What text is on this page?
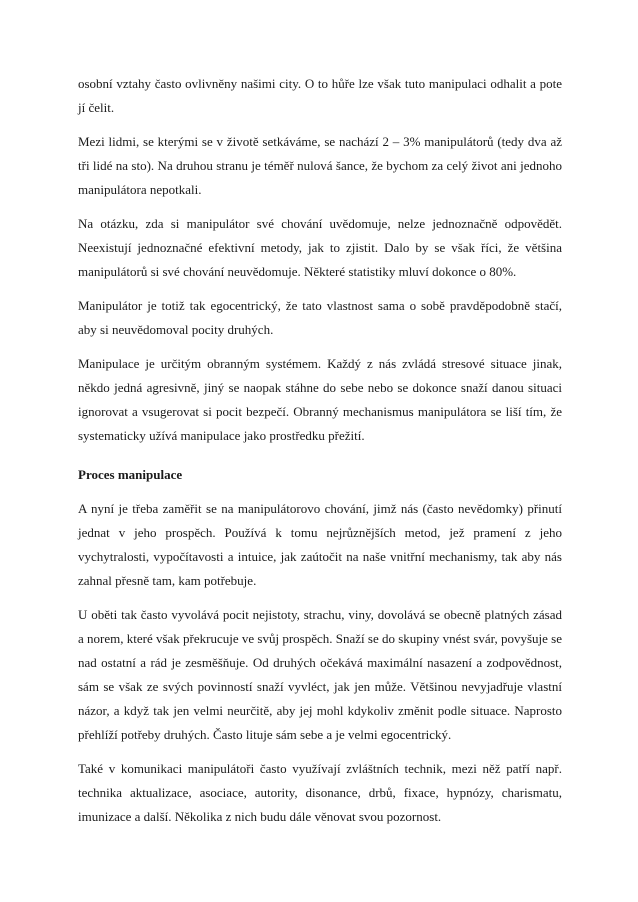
osobní vztahy často ovlivněny našimi city. O to hůře lze však tuto manipulaci odhalit a pote jí čelit.

Mezi lidmi, se kterými se v životě setkáváme, se nachází 2 – 3% manipulátorů (tedy dva až tři lidé na sto). Na druhou stranu je téměř nulová šance, že bychom za celý život ani jednoho manipulátora nepotkali.

Na otázku, zda si manipulátor své chování uvědomuje, nelze jednoznačně odpovědět. Neexistují jednoznačné efektivní metody, jak to zjistit. Dalo by se však říci, že většina manipulátorů si své chování neuvědomuje. Některé statistiky mluví dokonce o 80%.

Manipulátor je totiž tak egocentrický, že tato vlastnost sama o sobě pravděpodobně stačí, aby si neuvědomoval pocity druhých.

Manipulace je určitým obranným systémem. Každý z nás zvládá stresové situace jinak, někdo jedná agresivně, jiný se naopak stáhne do sebe nebo se dokonce snaží danou situaci ignorovat a vsugerovat si pocit bezpečí. Obranný mechanismus manipulátora se liší tím, že systematicky užívá manipulace jako prostředku přežití.

Proces manipulace

A nyní je třeba zaměřit se na manipulátorovo chování, jimž nás (často nevědomky) přinutí jednat v jeho prospěch. Používá k tomu nejrůznějších metod, jež pramení z jeho vychytralosti, vypočítavosti a intuice, jak zaútočit na naše vnitřní mechanismy, tak aby nás zahnal přesně tam, kam potřebuje.

U oběti tak často vyvolává pocit nejistoty, strachu, viny, dovolává se obecně platných zásad a norem, které však překrucuje ve svůj prospěch. Snaží se do skupiny vnést svár, povyšuje se nad ostatní a rád je zesměšňuje. Od druhých očekává maximální nasazení a zodpovědnost, sám se však ze svých povinností snaží vyvléct, jak jen může. Většinou nevyjadřuje vlastní názor, a když tak jen velmi neurčitě, aby jej mohl kdykoliv změnit podle situace. Naprosto přehlíží potřeby druhých. Často lituje sám sebe a je velmi egocentrický.

Také v komunikaci manipulátoři často využívají zvláštních technik, mezi něž patří např. technika aktualizace, asociace, autority, disonance, drbů, fixace, hypnózy, charismatu, imunizace a další. Několika z nich budu dále věnovat svou pozornost.
